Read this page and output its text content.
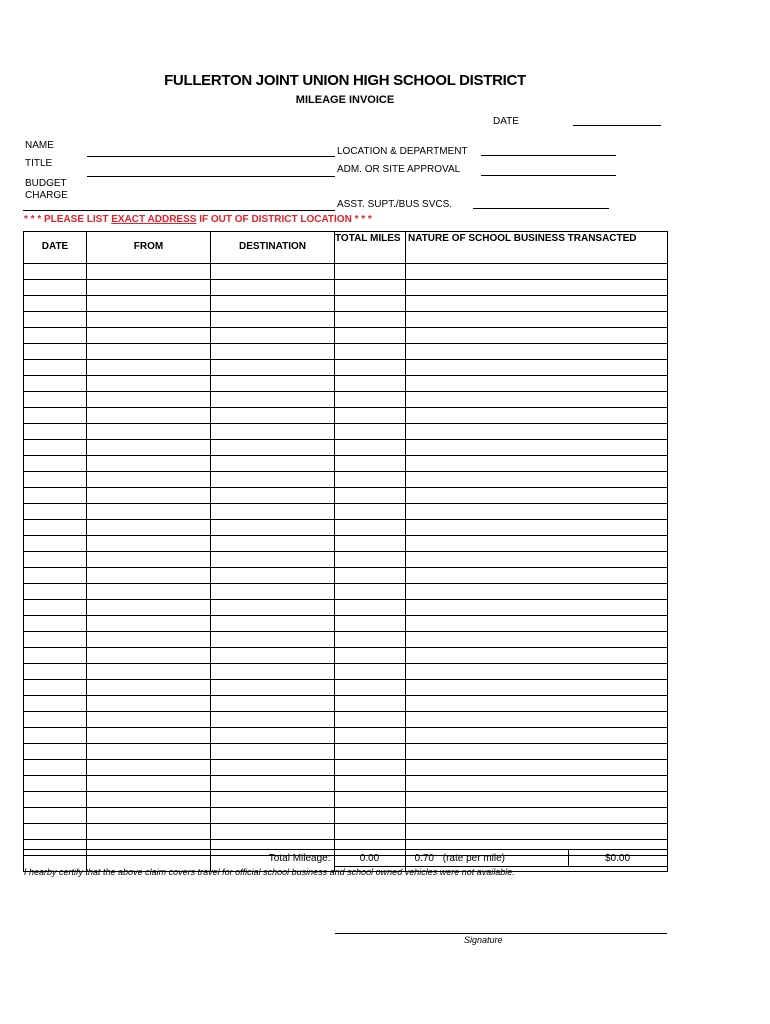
FULLERTON JOINT UNION HIGH SCHOOL DISTRICT
MILEAGE INVOICE
DATE
NAME
TITLE
BUDGET
CHARGE
LOCATION & DEPARTMENT
ADM. OR SITE APPROVAL
ASST. SUPT./BUS SVCS.
* * * PLEASE LIST EXACT ADDRESS IF OUT OF DISTRICT LOCATION * * *
DATE	FROM	DESTINATION	TOTAL MILES	NATURE OF SCHOOL BUSINESS TRANSACTED

Total Mileage:	0.00	0.70 (rate per mile)	$0.00
I hearby certify that the above claim covers travel for official school business and school owned vehicles were not available.
Signature
